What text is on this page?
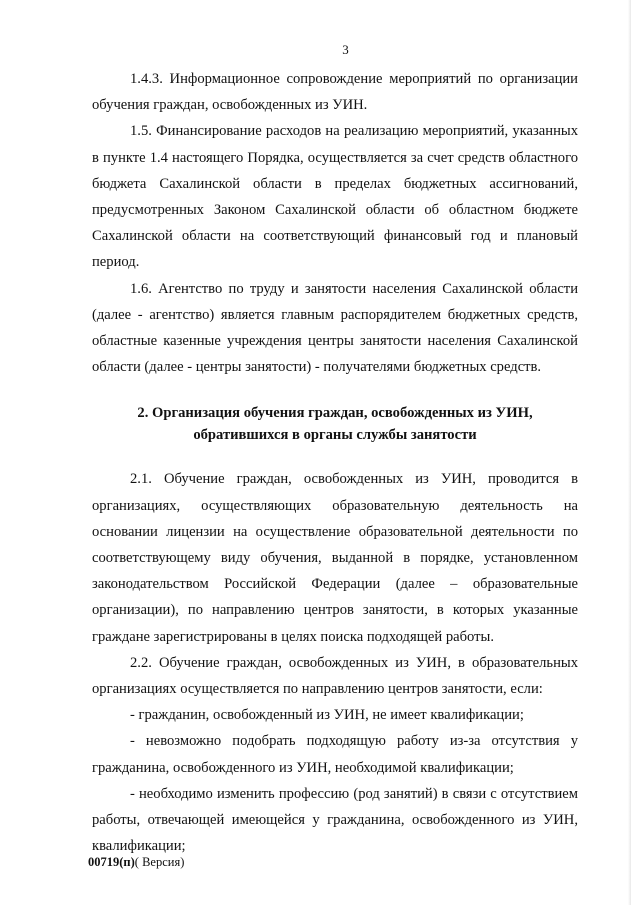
3

1.4.3. Информационное сопровождение мероприятий по организации обучения граждан, освобожденных из УИН.

1.5. Финансирование расходов на реализацию мероприятий, указанных в пункте 1.4 настоящего Порядка, осуществляется за счет средств областного бюджета Сахалинской области в пределах бюджетных ассигнований, предусмотренных Законом Сахалинской области об областном бюджете Сахалинской области на соответствующий финансовый год и плановый период.

1.6. Агентство по труду и занятости населения Сахалинской области (далее - агентство) является главным распорядителем бюджетных средств, областные казенные учреждения центры занятости населения Сахалинской области (далее - центры занятости) - получателями бюджетных средств.

2. Организация обучения граждан, освобожденных из УИН,
обратившихся в органы службы занятости

2.1. Обучение граждан, освобожденных из УИН, проводится в организациях, осуществляющих образовательную деятельность на основании лицензии на осуществление образовательной деятельности по соответствующему виду обучения, выданной в порядке, установленном законодательством Российской Федерации (далее – образовательные организации), по направлению центров занятости, в которых указанные граждане зарегистрированы в целях поиска подходящей работы.

2.2. Обучение граждан, освобожденных из УИН, в образовательных организациях осуществляется по направлению центров занятости, если:

- гражданин, освобожденный из УИН, не имеет квалификации;

- невозможно подобрать подходящую работу из-за отсутствия у гражданина, освобожденного из УИН, необходимой квалификации;

- необходимо изменить профессию (род занятий) в связи с отсутствием работы, отвечающей имеющейся у гражданина, освобожденного из УИН, квалификации;

00719(п)( Версия)
